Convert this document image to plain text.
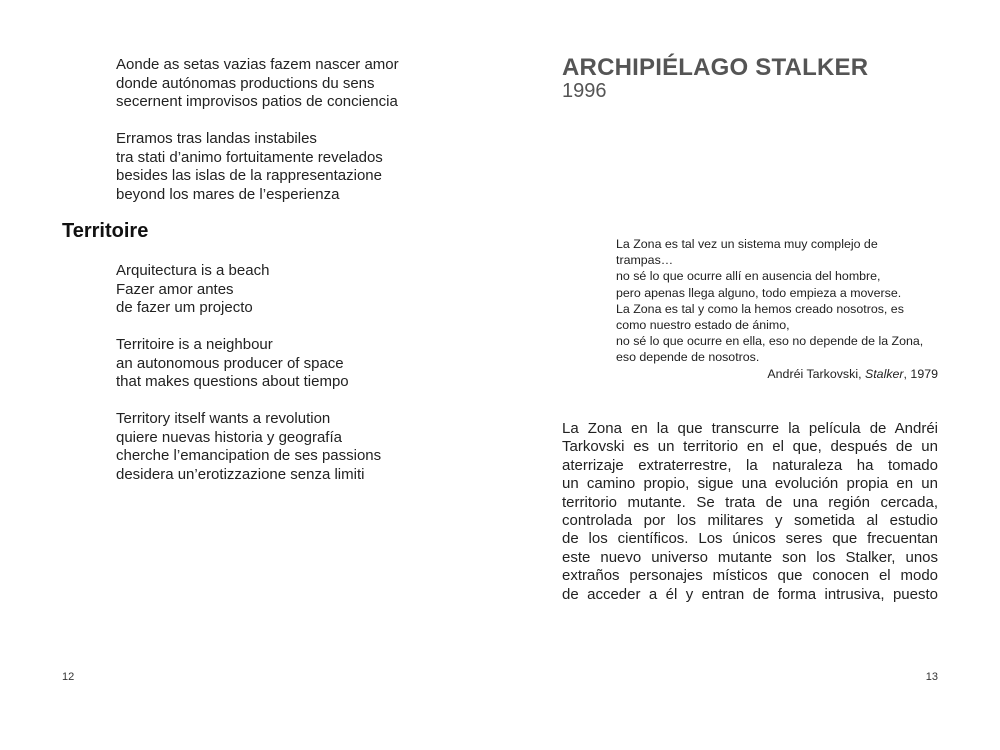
Aonde as setas vazias fazem nascer amor
donde autónomas productions du sens
secernent improvisos patios de conciencia
Erramos tras landas instabiles
tra stati d’animo fortuitamente revelados
besides las islas de la rappresentazione
beyond los mares de l’esperienza
Territoire
Arquitectura is a beach
Fazer amor antes
de fazer um projecto
Territoire is a neighbour
an autonomous producer of space
that makes questions about tiempo
Territory itself wants a revolution
quiere nuevas historia y geografía
cherche l’emancipation de ses passions
desidera un’erotizzazione senza limiti
12
ARCHIPIÉLAGO STALKER
1996
La Zona es tal vez un sistema muy complejo de
trampas…
no sé lo que ocurre allí en ausencia del hombre,
pero apenas llega alguno, todo empieza a moverse.
La Zona es tal y como la hemos creado nosotros, es
como nuestro estado de ánimo,
no sé lo que ocurre en ella, eso no depende de la Zona,
eso depende de nosotros.
Andréi Tarkovski, Stalker, 1979
La Zona en la que transcurre la película de Andréi
Tarkovski es un territorio en el que, después de un
aterrizaje extraterrestre, la naturaleza ha tomado
un camino propio, sigue una evolución propia en un
territorio mutante. Se trata de una región cercada,
controlada por los militares y sometida al estudio
de los científicos. Los únicos seres que frecuentan
este nuevo universo mutante son los Stalker, unos
extraños personajes místicos que conocen el modo
de acceder a él y entran de forma intrusiva, puesto
13
